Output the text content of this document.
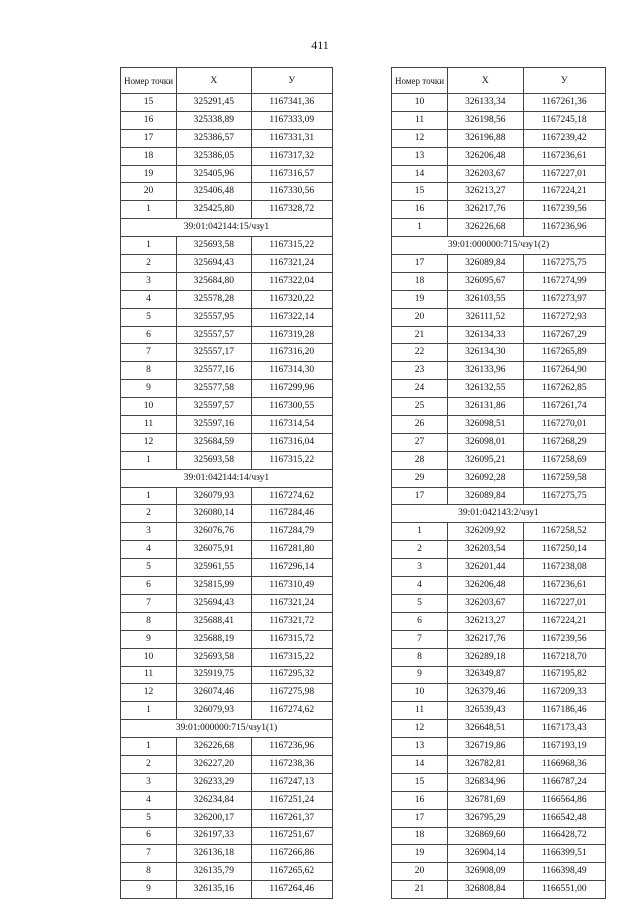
411
Номер точки	Х	У
15	325291,45	1167341,36
16	325338,89	1167333,09
17	325386,57	1167331,31
18	325386,05	1167317,32
19	325405,96	1167316,57
20	325406,48	1167330,56
1	325425,80	1167328,72
39:01:042144:15/чзу1		
1	325693,58	1167315,22
2	325694,43	1167321,24
3	325684,80	1167322,04
4	325578,28	1167320,22
5	325557,95	1167322,14
6	325557,57	1167319,28
7	325557,17	1167316,20
8	325577,16	1167314,30
9	325577,58	1167299,96
10	325597,57	1167300,55
11	325597,16	1167314,54
12	325684,59	1167316,04
1	325693,58	1167315,22
39:01:042144:14/чзу1		
1	326079,93	1167274,62
2	326080,14	1167284,46
3	326076,76	1167284,79
4	326075,91	1167281,80
5	325961,55	1167296,14
6	325815,99	1167310,49
7	325694,43	1167321,24
8	325688,41	1167321,72
9	325688,19	1167315,72
10	325693,58	1167315,22
11	325919,75	1167295,32
12	326074,46	1167275,98
1	326079,93	1167274,62
39:01:000000:715/чзу1(1)		
1	326226,68	1167236,96
2	326227,20	1167238,36
3	326233,29	1167247,13
4	326234,84	1167251,24
5	326200,17	1167261,37
6	326197,33	1167251,67
7	326136,18	1167266,86
8	326135,79	1167265,62
9	326135,16	1167264,46
Номер точки	Х	У
10	326133,34	1167261,36
11	326198,56	1167245,18
12	326196,88	1167239,42
13	326206,48	1167236,61
14	326203,67	1167227,01
15	326213,27	1167224,21
16	326217,76	1167239,56
1	326226,68	1167236,96
39:01:000000:715/чзу1(2)		
17	326089,84	1167275,75
18	326095,67	1167274,99
19	326103,55	1167273,97
20	326111,52	1167272,93
21	326134,33	1167267,29
22	326134,30	1167265,89
23	326133,96	1167264,90
24	326132,55	1167262,85
25	326131,86	1167261,74
26	326098,51	1167270,01
27	326098,01	1167268,29
28	326095,21	1167258,69
29	326092,28	1167259,58
17	326089,84	1167275,75
39:01:042143:2/чзу1		
1	326209,92	1167258,52
2	326203,54	1167250,14
3	326201,44	1167238,08
4	326206,48	1167236,61
5	326203,67	1167227,01
6	326213,27	1167224,21
7	326217,76	1167239,56
8	326289,18	1167218,70
9	326349,87	1167195,82
10	326379,46	1167209,33
11	326539,43	1167186,46
12	326648,51	1167173,43
13	326719,86	1167193,19
14	326782,81	1166968,36
15	326834,96	1166787,24
16	326781,69	1166564,86
17	326795,29	1166542,48
18	326869,60	1166428,72
19	326904,14	1166399,51
20	326908,09	1166398,49
21	326808,84	1166551,00
